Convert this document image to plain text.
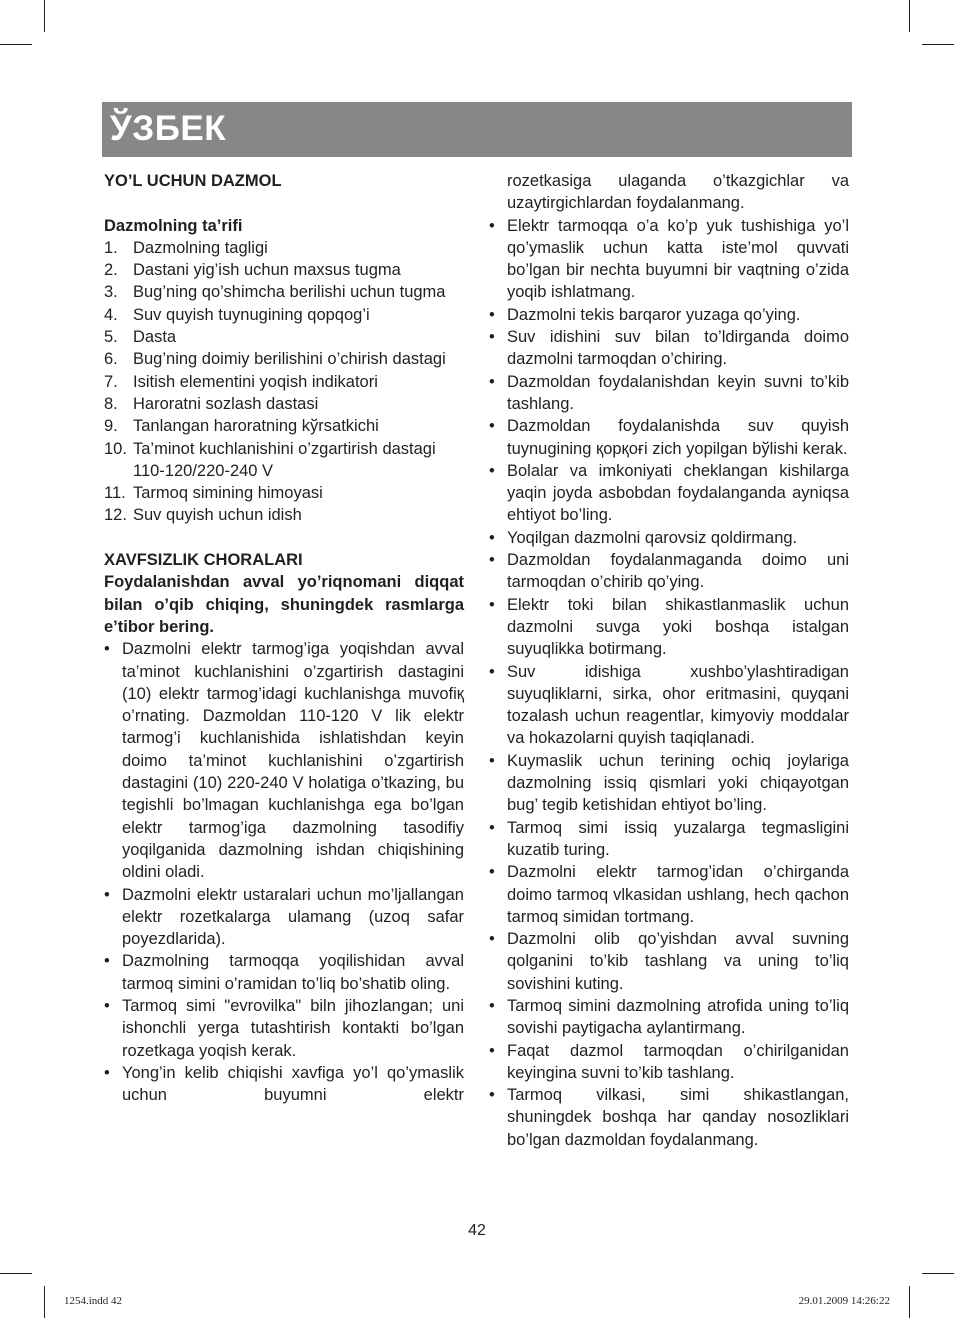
ЎЗБЕК
YO’L UCHUN DAZMOL
Dazmolning ta’rifi
1. Dazmolning tagligi
2. Dastani yig’ish uchun maxsus tugma
3. Bug’ning qo’shimcha berilishi uchun tugma
4. Suv quyish tuynugining qopqog’i
5. Dasta
6. Bug’ning doimiy berilishini o’chirish dastagi
7. Isitish elementini yoqish indikatori
8. Haroratni sozlash dastasi
9. Tanlangan haroratning kўrsatkichi
10. Ta’minot kuchlanishini o’zgartirish dastagi 110-120/220-240 V
11. Tarmoq simining himoyasi
12. Suv quyish uchun idish
XAVFSIZLIK CHORALARI
Foydalanishdan avval yo’riqnomani diqqat bilan o’qib chiqing, shuningdek rasmlarga e’tibor bering.
• Dazmolni elektr tarmog’iga yoqishdan avval ta’minot kuchlanishini o’zgartirish dastagini (10) elektr tarmog’idagi kuchlanishga muvofiқ o’rnating. Dazmoldan 110-120 V lik elektr tarmog’i kuchlanishida ishlatishdan keyin doimo ta’minot kuchlanishini o’zgartirish dastagini (10) 220-240 V holatiga o’tkazing, bu tegishli bo’lmagan kuchlanishga ega bo’lgan elektr tarmog’iga dazmolning tasodifiy yoqilganida dazmolning ishdan chiqishining oldini oladi.
• Dazmolni elektr ustaralari uchun mo’ljallangan elektr rozetkalarga ulamang (uzoq safar poyezdlarida).
• Dazmolning tarmoqqa yoqilishidan avval tarmoq simini o’ramidan to’liq bo’shatib oling.
• Tarmoq simi "evrovilka" biln jihozlangan; uni ishonchli yerga tutashtirish kontakti bo’lgan rozetkaga yoqish kerak.
• Yong’in kelib chiqishi xavfiga yo’l qo’ymaslik uchun buyumni elektr
rozetkasiga ulaganda o’tkazgichlar va uzaytirgichlardan foydalanmang.
• Elektr tarmoqqa o’a ko’p yuk tushishiga yo’l qo’ymaslik uchun katta iste’mol quvvati bo’lgan bir nechta buyumni bir vaqtning o’zida yoqib ishlatmang.
• Dazmolni tekis barqaror yuzaga qo’ying.
• Suv idishini suv bilan to’ldirganda doimo dazmolni tarmoqdan o’chiring.
• Dazmoldan foydalanishdan keyin suvni to’kib tashlang.
• Dazmoldan foydalanishda suv quyish tuynugining қорқоғi zich yopilgan bўlishi kerak.
• Bolalar va imkoniyati cheklangan kishilarga yaqin joyda asbobdan foydalanganda ayniqsa ehtiyot bo’ling.
• Yoqilgan dazmolni qarovsiz qoldirmang.
• Dazmoldan foydalanmaganda doimo uni tarmoqdan o’chirib qo’ying.
• Elektr toki bilan shikastlanmaslik uchun dazmolni suvga yoki boshqa istalgan suyuqlikka botirmang.
• Suv idishiga xushbo’ylashtiradigan suyuqliklarni, sirka, ohor eritmasini, quyqani tozalash uchun reagentlar, kimyoviy moddalar va hokazolarni quyish taqiqlanadi.
• Kuymaslik uchun terining ochiq joylariga dazmolning issiq qismlari yoki chiqayotgan bug’ tegib ketishidan ehtiyot bo’ling.
• Tarmoq simi issiq yuzalarga tegmasligini kuzatib turing.
• Dazmolni elektr tarmog’idan o’chirganda doimo tarmoq vlkasidan ushlang, hech qachon tarmoq simidan tortmang.
• Dazmolni olib qo’yishdan avval suvning qolganini to’kib tashlang va uning to’liq sovishini kuting.
• Tarmoq simini dazmolning atrofida uning to’liq sovishi paytigacha aylantirmang.
• Faqat dazmol tarmoqdan o’chirilganidan keyingina suvni to’kib tashlang.
• Tarmoq vilkasi, simi shikastlangan, shuningdek boshqa har qanday nosozliklari bo’lgan dazmoldan foydalanmang.
42
1254.indd 42	29.01.2009 14:26:22
